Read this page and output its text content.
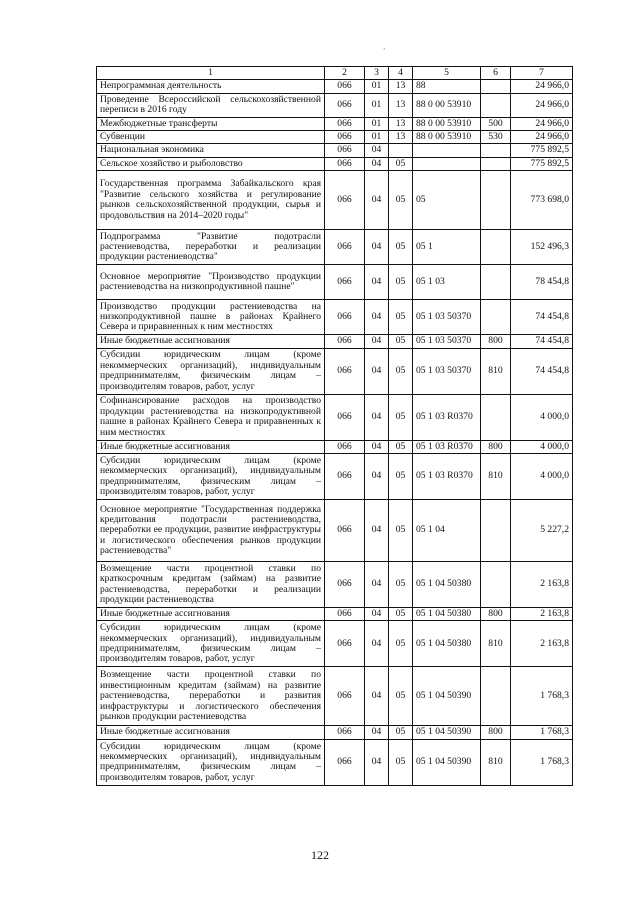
`
1	2	3	4	5	6	7
Непрограммная деятельность	066	01	13	88		24 966,0
Проведение Всероссийской сельскохозяйственной переписи в 2016 году	066	01	13	88 0 00 53910		24 966,0
Межбюджетные трансферты	066	01	13	88 0 00 53910	500	24 966,0
Субвенции	066	01	13	88 0 00 53910	530	24 966,0
Национальная экономика	066	04				775 892,5
Сельское хозяйство и рыболовство	066	04	05			775 892,5
Государственная программа Забайкальского края "Развитие сельского хозяйства и регулирование рынков сельскохозяйственной продукции, сырья и продовольствия на 2014–2020 годы"	066	04	05	05		773 698,0
Подпрограмма "Развитие подотрасли растениеводства, переработки и реализации продукции растениеводства"	066	04	05	05 1		152 496,3
Основное мероприятие "Производство продукции растениеводства на низкопродуктивной пашне"	066	04	05	05 1 03		78 454,8
Производство продукции растениеводства на низкопродуктивной пашне в районах Крайнего Севера и приравненных к ним местностях	066	04	05	05 1 03 50370		74 454,8
Иные бюджетные ассигнования	066	04	05	05 1 03 50370	800	74 454,8
Субсидии юридическим лицам (кроме некоммерческих организаций), индивидуальным предпринимателям, физическим лицам – производителям товаров, работ, услуг	066	04	05	05 1 03 50370	810	74 454,8
Софинансирование расходов на производство продукции растениеводства на низкопродуктивной пашне в районах Крайнего Севера и приравненных к ним местностях	066	04	05	05 1 03 R0370		4 000,0
Иные бюджетные ассигнования	066	04	05	05 1 03 R0370	800	4 000,0
Субсидии юридическим лицам (кроме некоммерческих организаций), индивидуальным предпринимателям, физическим лицам – производителям товаров, работ, услуг	066	04	05	05 1 03 R0370	810	4 000,0
Основное мероприятие "Государственная поддержка кредитования подотрасли растениеводства, переработки ее продукции, развитие инфраструктуры и логистического обеспечения рынков продукции растениеводства"	066	04	05	05 1 04		5 227,2
Возмещение части процентной ставки по краткосрочным кредитам (займам) на развитие растениеводства, переработки и реализации продукции растениеводства	066	04	05	05 1 04 50380		2 163,8
Иные бюджетные ассигнования	066	04	05	05 1 04 50380	800	2 163,8
Субсидии юридическим лицам (кроме некоммерческих организаций), индивидуальным предпринимателям, физическим лицам – производителям товаров, работ, услуг	066	04	05	05 1 04 50380	810	2 163,8
Возмещение части процентной ставки по инвестиционным кредитам (займам) на развитие растениеводства, переработки и развития инфраструктуры и логистического обеспечения рынков продукции растениеводства	066	04	05	05 1 04 50390		1 768,3
Иные бюджетные ассигнования	066	04	05	05 1 04 50390	800	1 768,3
Субсидии юридическим лицам (кроме некоммерческих организаций), индивидуальным предпринимателям, физическим лицам – производителям товаров, работ, услуг	066	04	05	05 1 04 50390	810	1 768,3
122
